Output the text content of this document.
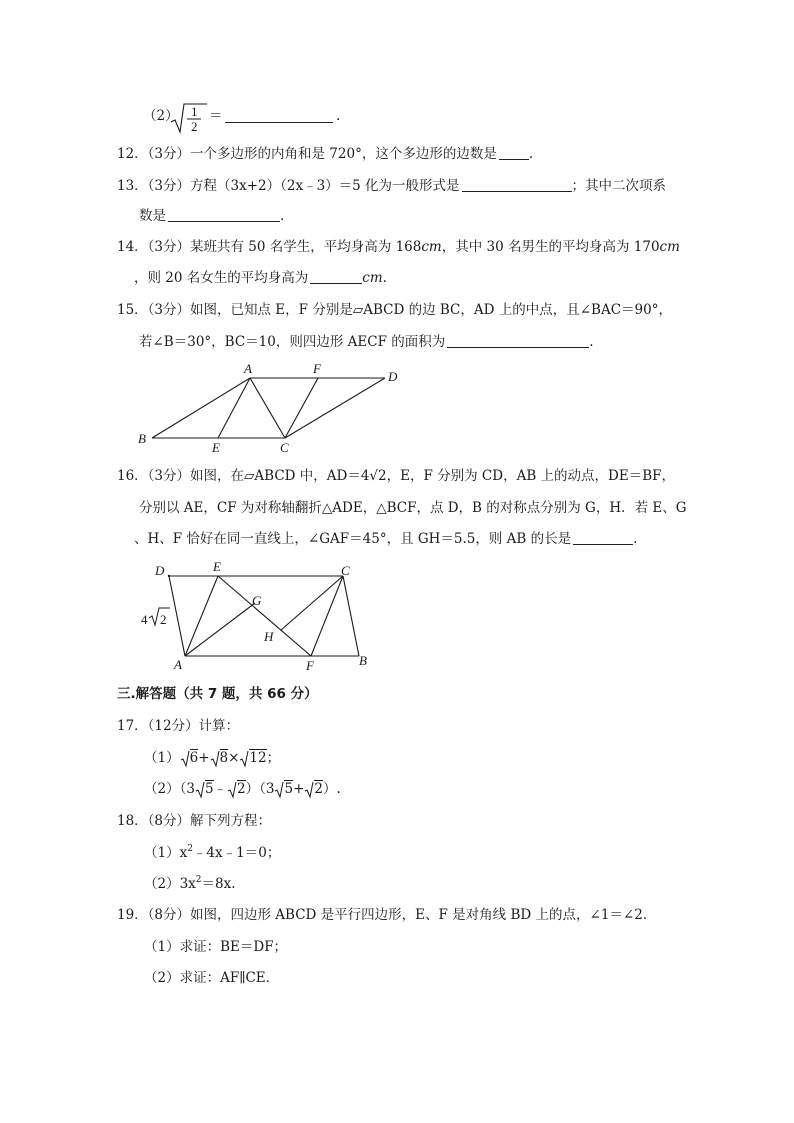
（2） 1
2
＝	.
12．（3分）一个多边形的内角和是 720°，这个多边形的边数是 .
13．（3分）方程（3x+2）（2x﹣3）＝5 化为一般形式是	；其中二次项系
数是	.
14．（3分）某班共有 50 名学生，平均身高为 168cm，其中 30 名男生的平均身高为 170cm
，则 20 名女生的平均身高为	cm.
15．（3分）如图，已知点 E，F 分别是▱ABCD 的边 BC，AD 上的中点，且∠BAC＝90°，
若∠B＝30°，BC＝10，则四边形 AECF 的面积为	.
A	F
D
B
E	C
16．（3分）如图，在▱ABCD 中，AD＝4√2，E，F 分别为 CD，AB 上的动点，DE＝BF，
分别以 AE，CF 为对称轴翻折△ADE，△BCF，点 D，B 的对称点分别为 G，H．若 E、G
、H、F 恰好在同一直线上，∠GAF＝45°，且 GH＝5.5，则 AB 的长是	.
D	E	C
G
H
A	F	B
4 2
三.解答题（共 7 题，共 66 分）
17．（12分）计算：
（1） 6+ 8× 12；
（2）（3 5﹣ 2）（3 5+ 2）.
18．（8分）解下列方程：
$(1)x^2﹣4x﹣1=0$；
$(2)3x^2=8x$.
19．（8分）如图，四边形 ABCD 是平行四边形，E、F 是对角线 BD 上的点，∠1＝∠2．
（1）求证：BE＝DF；
（2）求证：AF∥CE．
